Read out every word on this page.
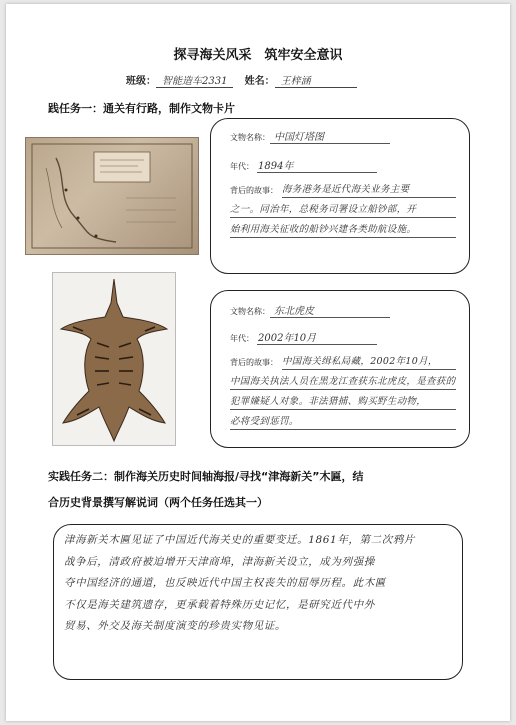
探寻海关风采　筑牢安全意识
班级： 智能造车2331 姓名： 王梓涵
践任务一：通关有行路，制作文物卡片
文物名称： 中国灯塔图
年代： 1894年
背后的故事： 海务港务是近代海关业务主要
之一。同治年，总税务司署设立船钞部，开
始利用海关征收的船钞兴建各类助航设施。
文物名称： 东北虎皮
年代： 2002年10月
背后的故事： 中国海关缉私局藏，2002年10月，
中国海关执法人员在黑龙江查获东北虎皮，是查获的
犯罪嫌疑人对象。非法猎捕、购买野生动物，
必将受到惩罚。
实践任务二：制作海关历史时间轴海报/寻找“津海新关”木匾，结
合历史背景撰写解说词（两个任务任选其一）
津海新关木匾见证了中国近代海关史的重要变迁。1861年，第二次鸦片
战争后，清政府被迫增开天津商埠，津海新关设立，成为列强操
夺中国经济的通道，也反映近代中国主权丧失的屈辱历程。此木匾
不仅是海关建筑遗存，更承载着特殊历史记忆，是研究近代中外
贸易、外交及海关制度演变的珍贵实物见证。
